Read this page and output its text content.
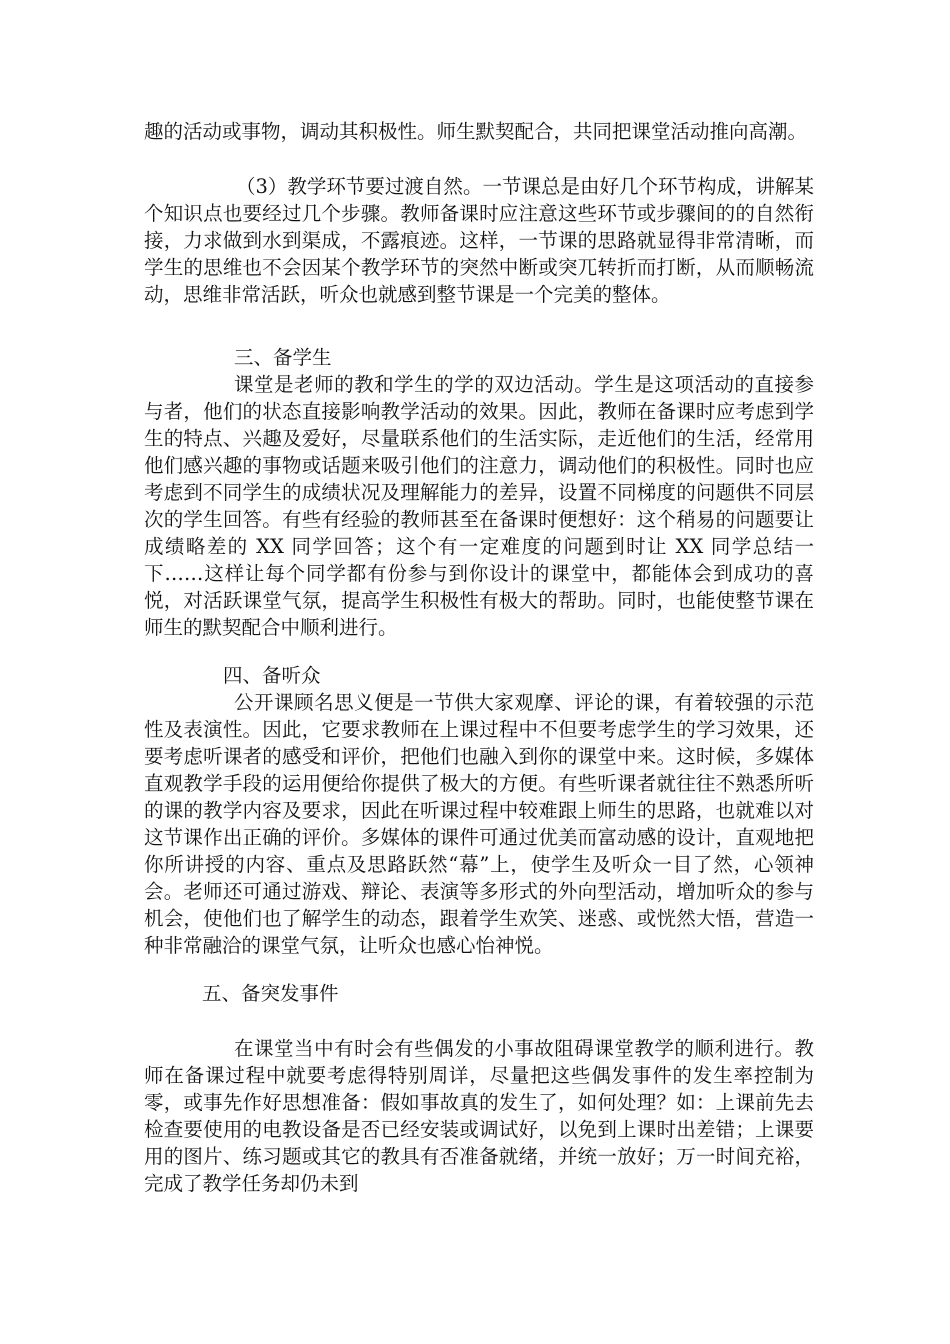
趣的活动或事物，调动其积极性。师生默契配合，共同把课堂活动推向高潮。

（3）教学环节要过渡自然。一节课总是由好几个环节构成，讲解某个知识点也要经过几个步骤。教师备课时应注意这些环节或步骤间的的自然衔接，力求做到水到渠成，不露痕迹。这样，一节课的思路就显得非常清晰，而学生的思维也不会因某个教学环节的突然中断或突兀转折而打断，从而顺畅流动，思维非常活跃，听众也就感到整节课是一个完美的整体。

三、备学生

课堂是老师的教和学生的学的双边活动。学生是这项活动的直接参与者，他们的状态直接影响教学活动的效果。因此，教师在备课时应考虑到学生的特点、兴趣及爱好，尽量联系他们的生活实际，走近他们的生活，经常用他们感兴趣的事物或话题来吸引他们的注意力，调动他们的积极性。同时也应考虑到不同学生的成绩状况及理解能力的差异，设置不同梯度的问题供不同层次的学生回答。有些有经验的教师甚至在备课时便想好：这个稍易的问题要让成绩略差的 XX 同学回答；这个有一定难度的问题到时让 XX 同学总结一下……这样让每个同学都有份参与到你设计的课堂中，都能体会到成功的喜悦，对活跃课堂气氛，提高学生积极性有极大的帮助。同时，也能使整节课在师生的默契配合中顺利进行。

四、备听众

公开课顾名思义便是一节供大家观摩、评论的课，有着较强的示范性及表演性。因此，它要求教师在上课过程中不但要考虑学生的学习效果，还要考虑听课者的感受和评价，把他们也融入到你的课堂中来。这时候，多媒体直观教学手段的运用便给你提供了极大的方便。有些听课者就往往不熟悉所听的课的教学内容及要求，因此在听课过程中较难跟上师生的思路，也就难以对这节课作出正确的评价。多媒体的课件可通过优美而富动感的设计，直观地把你所讲授的内容、重点及思路跃然“幕”上，使学生及听众一目了然，心领神会。老师还可通过游戏、辩论、表演等多形式的外向型活动，增加听众的参与机会，使他们也了解学生的动态，跟着学生欢笑、迷惑、或恍然大悟，营造一种非常融洽的课堂气氛，让听众也感心怡神悦。

五、备突发事件

在课堂当中有时会有些偶发的小事故阻碍课堂教学的顺利进行。教师在备课过程中就要考虑得特别周详，尽量把这些偶发事件的发生率控制为零，或事先作好思想准备：假如事故真的发生了，如何处理？如：上课前先去检查要使用的电教设备是否已经安装或调试好，以免到上课时出差错；上课要用的图片、练习题或其它的教具有否准备就绪，并统一放好；万一时间充裕，完成了教学任务却仍未到
